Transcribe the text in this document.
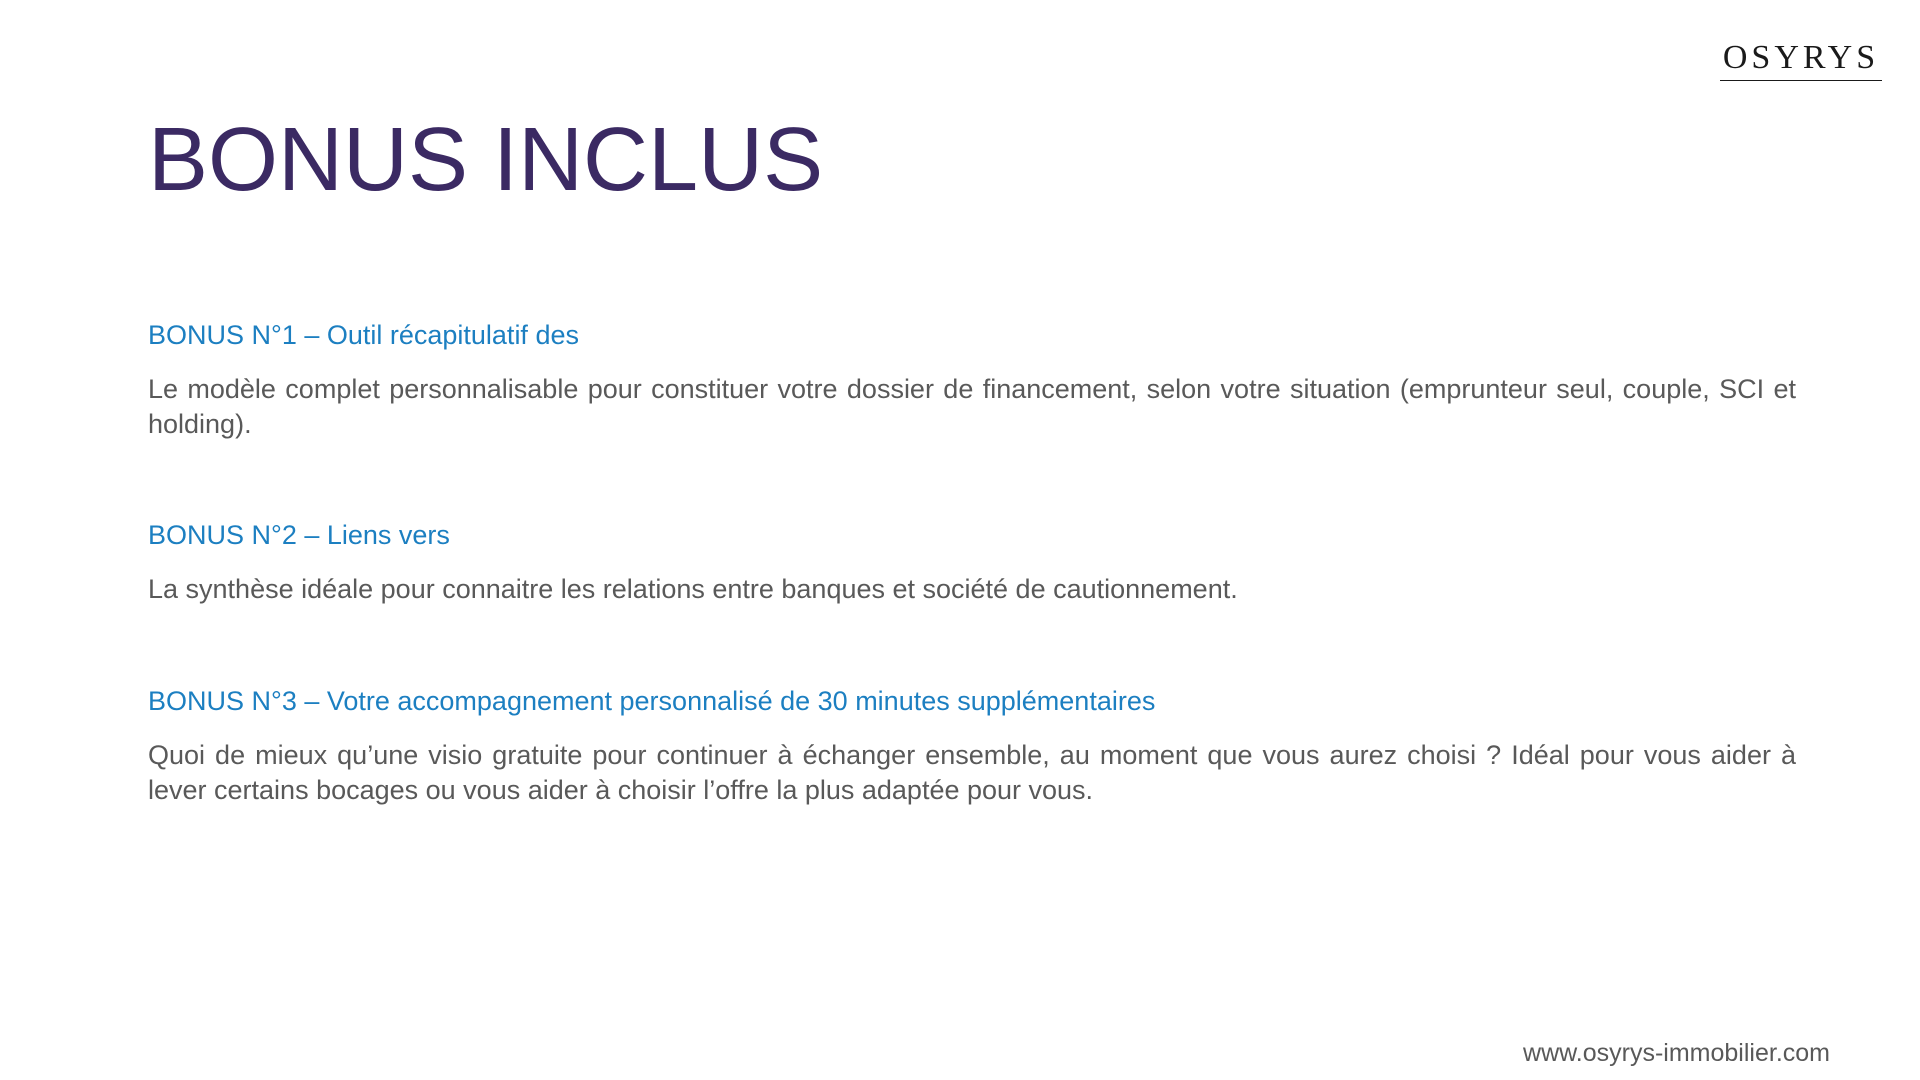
OSYRYS
BONUS INCLUS
BONUS N°1 – Outil récapitulatif des
Le modèle complet personnalisable pour constituer votre dossier de financement, selon votre situation (emprunteur seul, couple, SCI et holding).
BONUS N°2 – Liens vers
La synthèse idéale pour connaitre les relations entre banques et société de cautionnement.
BONUS N°3 – Votre accompagnement personnalisé de 30 minutes supplémentaires
Quoi de mieux qu’une visio gratuite pour continuer à échanger ensemble, au moment que vous aurez choisi ? Idéal pour vous aider à lever certains bocages ou vous aider à choisir l’offre la plus adaptée pour vous.
www.osyrys-immobilier.com
